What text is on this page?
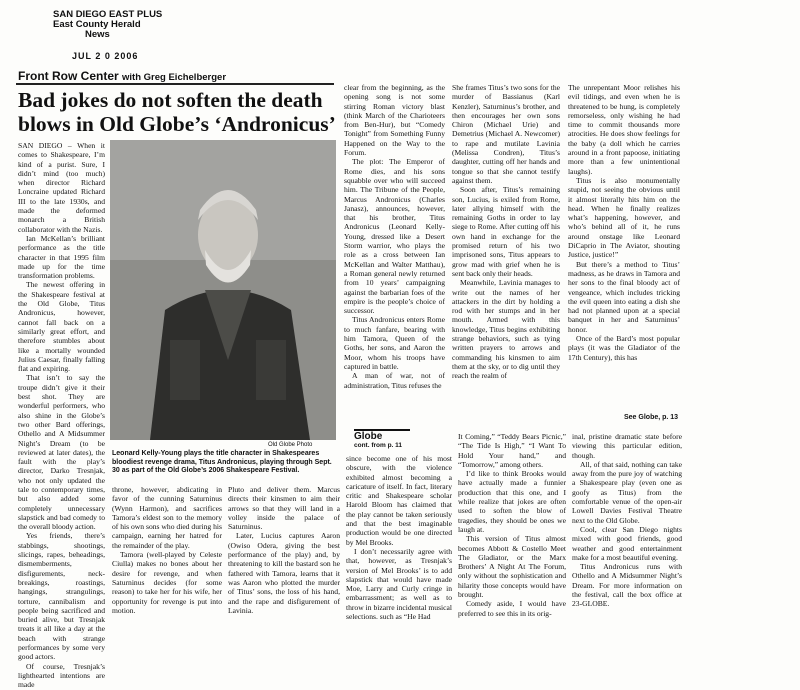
SAN DIEGO EAST PLUS
East County Herald
News
JUL 2 0 2006
Front Row Center with Greg Eichelberger
Bad jokes do not soften the death blows in Old Globe’s ‘Andronicus’
Old Globe Photo
Leonard Kelly-Young plays the title character in Shakespeares bloodiest revenge drama, Titus Andronicus, playing through Sept. 30 as part of the Old Globe’s 2006 Shakespeare Festival.

SAN DIEGO – When it comes to Shakespeare, I’m kind of a purist. Sure, I didn’t mind (too much) when director Richard Loncraine updated Richard III to the late 1930s, and made the deformed monarch a British collaborator with the Nazis.

Ian McKellan’s brilliant performance as the title character in that 1995 film made up for the time transformation problems.

The newest offering in the Shakespeare festival at the Old Globe, Titus Andronicus, however, cannot fall back on a similarly great effort, and therefore stumbles about like a mortally wounded Julius Caesar, finally falling flat and expiring.

That isn’t to say the troupe didn’t give it their best shot. They are wonderful performers, who also shine in the Globe’s two other Bard offerings, Othello and A Midsummer Night’s Dream (to be reviewed at later dates), the fault with the play’s director, Darko Tresnjak, who not only updated the tale to contemporary times, but also added some completely unnecessary slapstick and bad comedy to the overall bloody action.

Yes friends, there’s stabbings, shootings, slicings, rapes, beheadings, dismemberments, disfigurements, neck-breakings, roastings, hangings, strangulings, torture, cannibalism and people being sacrificed and buried alive, but Tresnjak treats it all like a day at the beach with strange performances by some very good actors.

Of course, Tresnjak’s lighthearted intentions are made

throne, however, abdicating in favor of the cunning Saturninus (Wynn Harmon), and sacrifices Tamora’s eldest son to the memory of his own sons who died during his campaign, earning her hatred for the remainder of the play.

Tamora (well-played by Celeste Ciulla) makes no bones about her desire for revenge, and when Saturninus decides (for some reason) to take her for his wife, her opportunity for revenge is put into motion.

Pluto and deliver them. Marcus directs their kinsmen to aim their arrows so that they will land in a volley inside the palace of Saturninus.

Later, Lucius captures Aaron (Owiso Odera, giving the best performance of the play) and, by threatening to kill the bastard son he fathered with Tamora, learns that it was Aaron who plotted the murder of Titus’ sons, the loss of his hand, and the rape and disfigurement of Lavinia.

clear from the beginning, as the opening song is not some stirring Roman victory blast (think March of the Charioteers from Ben-Hur), but “Comedy Tonight” from Something Funny Happened on the Way to the Forum.

The plot: The Emperor of Rome dies, and his sons squabble over who will succeed him. The Tribune of the People, Marcus Andronicus (Charles Janasz), announces, however, that his brother, Titus Andronicus (Leonard Kelly-Young, dressed like a Desert Storm warrior, who plays the role as a cross between Ian McKellan and Walter Matthau), a Roman general newly returned from 10 years’ campaigning against the barbarian foes of the empire is the people’s choice of successor.

Titus Andronicus enters Rome to much fanfare, bearing with him Tamora, Queen of the Goths, her sons, and Aaron the Moor, whom his troops have captured in battle.

A man of war, not of administration, Titus refuses the

She frames Titus’s two sons for the murder of Bassianus (Karl Kenzler), Saturninus’s brother, and then encourages her own sons Chiron (Michael Urie) and Demetrius (Michael A. Newcomer) to rape and mutilate Lavinia (Melissa Condren), Titus’s daughter, cutting off her hands and tongue so that she cannot testify against them.

Soon after, Titus’s remaining son, Lucius, is exiled from Rome, later allying himself with the remaining Goths in order to lay siege to Rome. After cutting off his own hand in exchange for the promised return of his two imprisoned sons, Titus appears to grow mad with grief when he is sent back only their heads.

Meanwhile, Lavinia manages to write out the names of her attackers in the dirt by holding a rod with her stumps and in her mouth. Armed with this knowledge, Titus begins exhibiting strange behaviors, such as tying written prayers to arrows and commanding his kinsmen to aim them at the sky, or to dig until they reach the realm of

The unrepentant Moor relishes his evil tidings, and even when he is threatened to be hung, is completely remorseless, only wishing he had time to commit thousands more atrocities. He does show feelings for the baby (a doll which he carries around in a front papoose, initiating more than a few unintentional laughs).

Titus is also monumentally stupid, not seeing the obvious until it almost literally hits him on the head. When he finally realizes what’s happening, however, and who’s behind all of it, he runs around onstage like Leonard DiCaprio in The Aviator, shouting Justice, justice!”

But there’s a method to Titus’ madness, as he draws in Tamora and her sons to the final bloody act of vengeance, which includes tricking the evil queen into eating a dish she had not planned upon at a special banquet in her and Saturninus’ honor.

Once of the Bard’s most popular plays (it was the Gladiator of the 17th Century), this has

See Globe, p. 13
Globe
cont. from p. 11

since become one of his most obscure, with the violence exhibited almost becoming a caricature of itself. In fact, literary critic and Shakespeare scholar Harold Bloom has claimed that the play cannot be taken seriously and that the best imaginable production would be one directed by Mel Brooks.

I don’t necessarily agree with that, however, as Tresnjak’s version of Mel Brooks’ is to add slapstick that would have made Moe, Larry and Curly cringe in embarrassment; as well as to throw in bizarre incidental musical selections. such as “He Had

It Coming,” “Teddy Bears Picnic,” “The Tide Is High,” “I Want To Hold Your hand,” and “Tomorrow,” among others.

I’d like to think Brooks would have actually made a funnier production that this one, and I while realize that jokes are often used to soften the blow of tragedies, they should be ones we laugh at.

This version of Titus almost becomes Abbott & Costello Meet The Gladiator, or the Marx Brothers’ A Night At The Forum, only without the sophistication and hilarity those concepts would have brought.

Comedy aside, I would have preferred to see this in its orig-

inal, pristine dramatic state before viewing this particular edition, though.

All, of that said, nothing can take away from the pure joy of watching a Shakespeare play (even one as goofy as Titus) from the comfortable venue of the open-air Lowell Davies Festival Theatre next to the Old Globe.

Cool, clear San Diego nights mixed with good friends, good weather and good entertainment make for a most beautiful evening.

Titus Andronicus runs with Othello and A Midsummer Night’s Dream. For more information on the festival, call the box office at 23-GLOBE.
